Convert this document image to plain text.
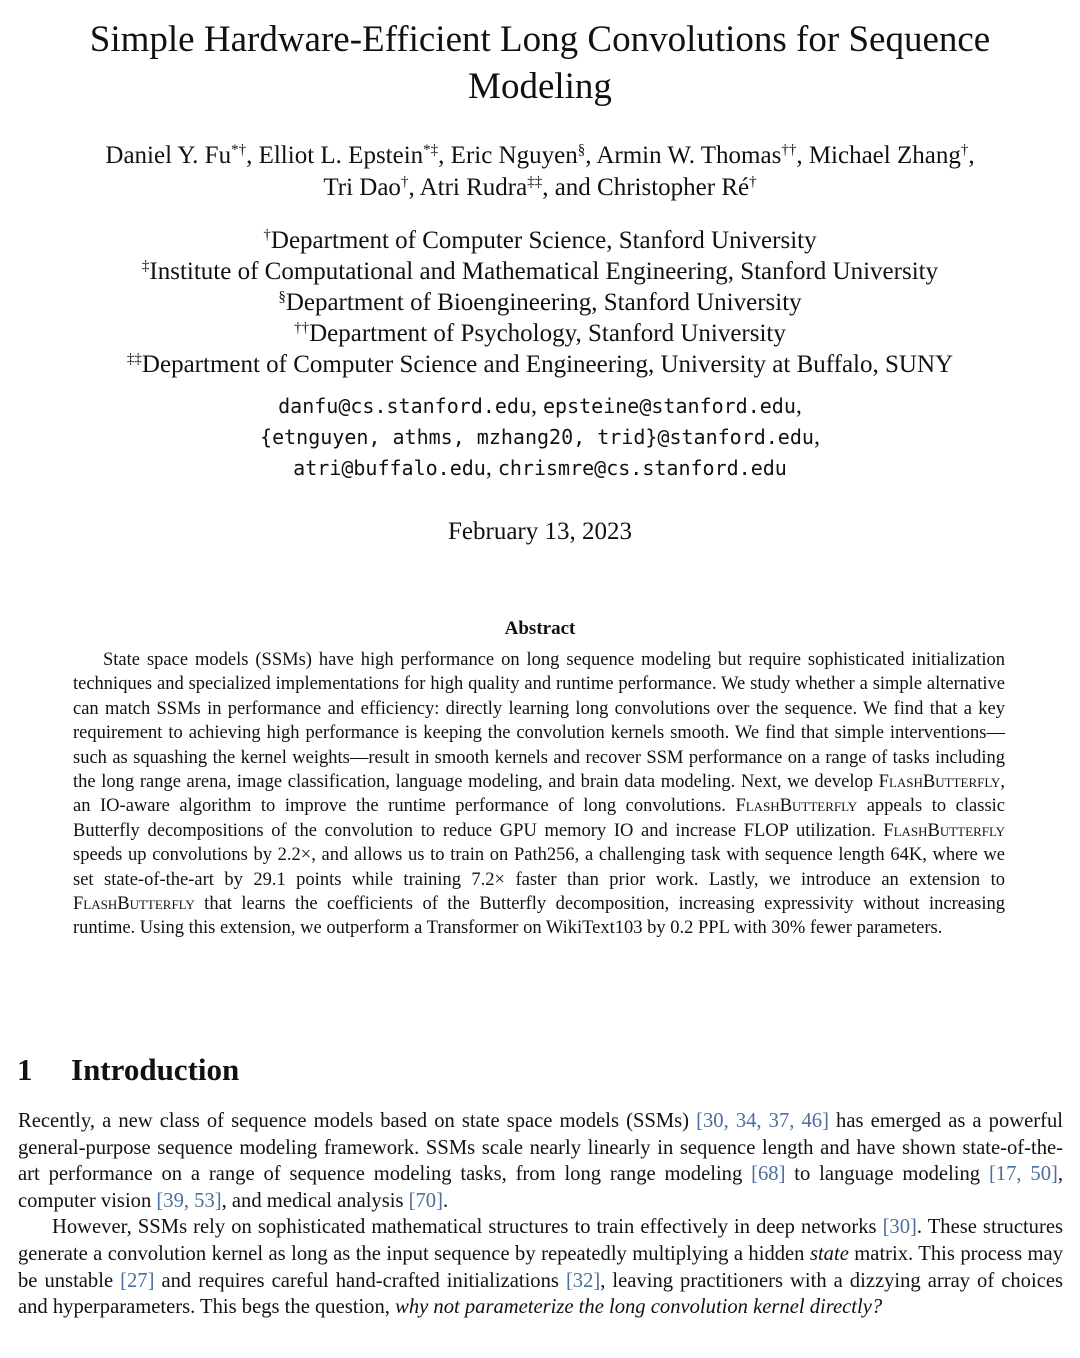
Simple Hardware-Efficient Long Convolutions for Sequence Modeling
Daniel Y. Fu*†, Elliot L. Epstein*‡, Eric Nguyen§, Armin W. Thomas††, Michael Zhang†,
Tri Dao†, Atri Rudra‡‡, and Christopher Ré†
†Department of Computer Science, Stanford University
‡Institute of Computational and Mathematical Engineering, Stanford University
§Department of Bioengineering, Stanford University
††Department of Psychology, Stanford University
‡‡Department of Computer Science and Engineering, University at Buffalo, SUNY
danfu@cs.stanford.edu, epsteine@stanford.edu,
{etnguyen, athms, mzhang20, trid}@stanford.edu,
atri@buffalo.edu, chrismre@cs.stanford.edu
February 13, 2023
Abstract

State space models (SSMs) have high performance on long sequence modeling but require sophisticated initialization techniques and specialized implementations for high quality and runtime performance. We study whether a simple alternative can match SSMs in performance and efficiency: directly learning long convolutions over the sequence. We find that a key requirement to achieving high performance is keeping the convolution kernels smooth. We find that simple interventions—such as squashing the kernel weights—result in smooth kernels and recover SSM performance on a range of tasks including the long range arena, image classification, language modeling, and brain data modeling. Next, we develop FlashButterfly, an IO-aware algorithm to improve the runtime performance of long convolutions. FlashButterfly appeals to classic Butterfly decompositions of the convolution to reduce GPU memory IO and increase FLOP utilization. FlashButterfly speeds up convolutions by 2.2×, and allows us to train on Path256, a challenging task with sequence length 64K, where we set state-of-the-art by 29.1 points while training 7.2× faster than prior work. Lastly, we introduce an extension to FlashButterfly that learns the coefficients of the Butterfly decomposition, increasing expressivity without increasing runtime. Using this extension, we outperform a Transformer on WikiText103 by 0.2 PPL with 30% fewer parameters.

1 Introduction

Recently, a new class of sequence models based on state space models (SSMs) [30, 34, 37, 46] has emerged as a powerful general-purpose sequence modeling framework. SSMs scale nearly linearly in sequence length and have shown state-of-the-art performance on a range of sequence modeling tasks, from long range modeling [68] to language modeling [17, 50], computer vision [39, 53], and medical analysis [70].

However, SSMs rely on sophisticated mathematical structures to train effectively in deep networks [30]. These structures generate a convolution kernel as long as the input sequence by repeatedly multiplying a hidden state matrix. This process may be unstable [27] and requires careful hand-crafted initializations [32], leaving practitioners with a dizzying array of choices and hyperparameters. This begs the question, why not parameterize the long convolution kernel directly?
